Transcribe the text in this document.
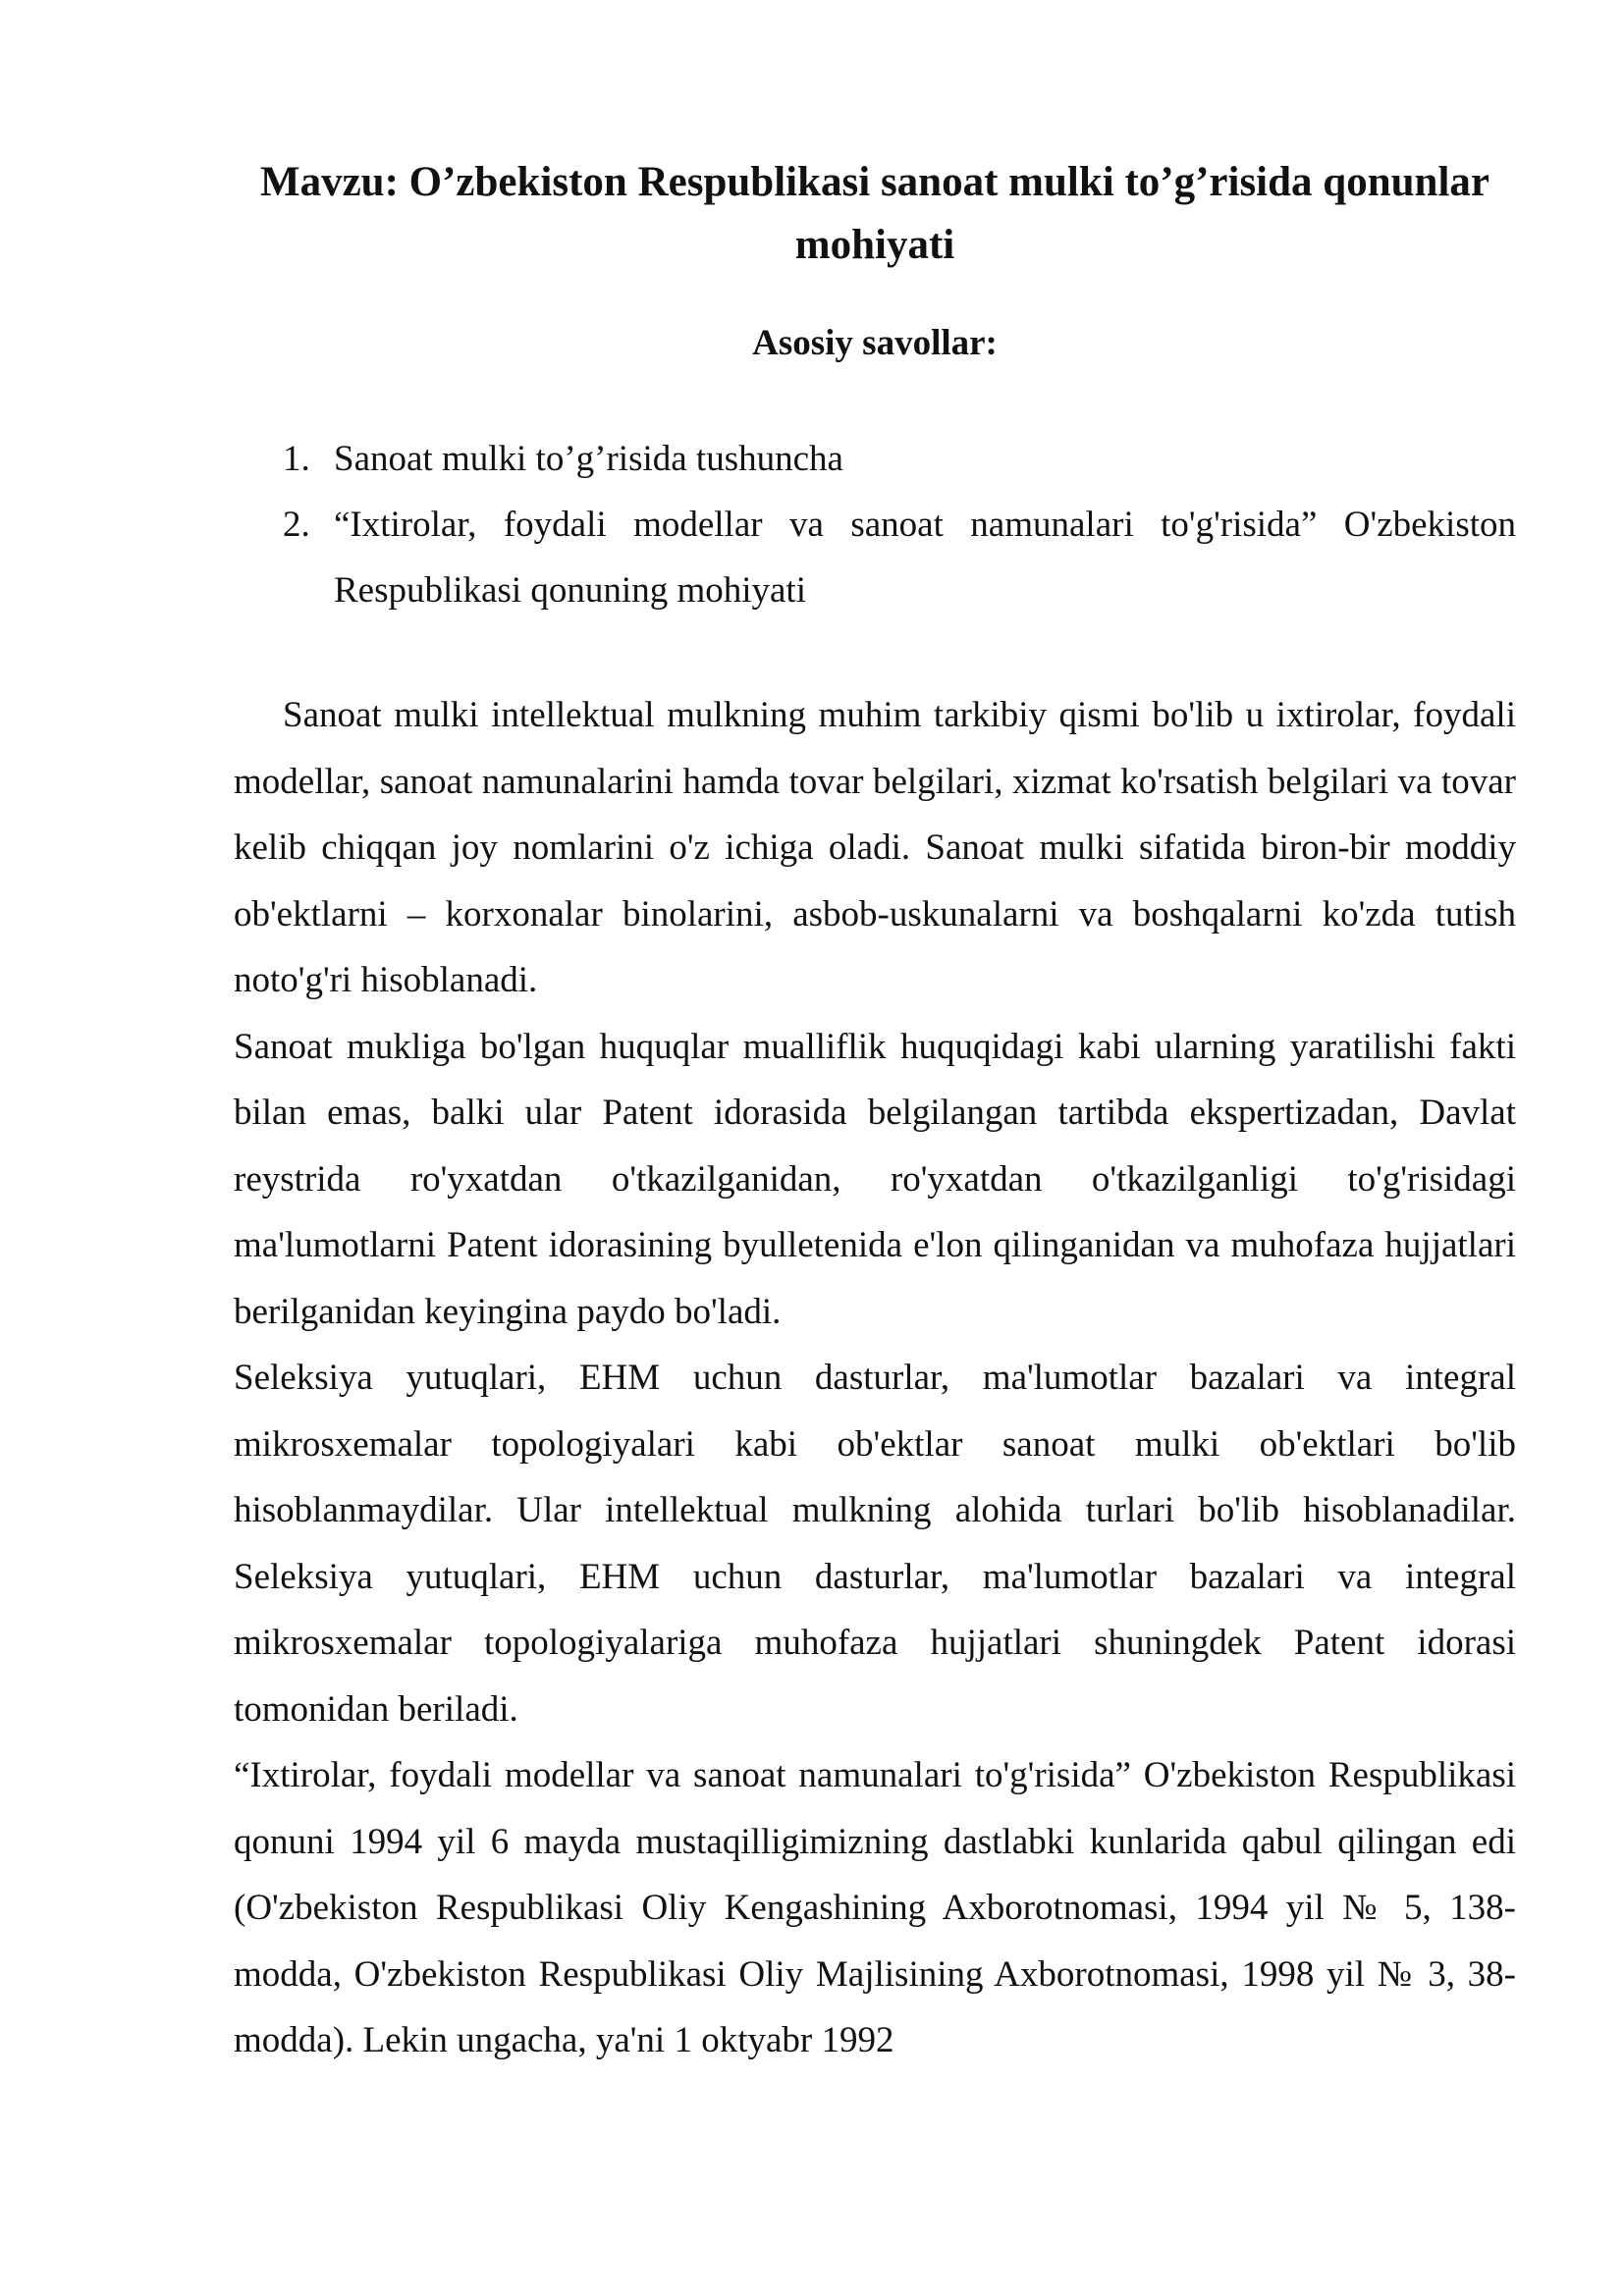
Mavzu: O’zbekiston Respublikasi sanoat mulki to’g’risida qonunlar mohiyati
Asosiy savollar:
1. Sanoat mulki to’g’risida tushuncha
2. “Ixtirolar, foydali modellar va sanoat namunalari to'g'risida” O'zbekiston Respublikasi qonuning mohiyati

Sanoat mulki intellektual mulkning muhim tarkibiy qismi bo'lib u ixtirolar, foydali modellar, sanoat namunalarini hamda tovar belgilari, xizmat ko'rsatish belgilari va tovar kelib chiqqan joy nomlarini o'z ichiga oladi. Sanoat mulki sifatida biron-bir moddiy ob'ektlarni – korxonalar binolarini, asbob-uskunalarni va boshqalarni ko'zda tutish noto'g'ri hisoblanadi.

Sanoat mukliga bo'lgan huquqlar mualliflik huquqidagi kabi ularning yaratilishi fakti bilan emas, balki ular Patent idorasida belgilangan tartibda ekspertizadan, Davlat reystrida ro'yxatdan o'tkazilganidan, ro'yxatdan o'tkazilganligi to'g'risidagi ma'lumotlarni Patent idorasining byulletenida e'lon qilinganidan va muhofaza hujjatlari berilganidan keyingina paydo bo'ladi.

Seleksiya yutuqlari, EHM uchun dasturlar, ma'lumotlar bazalari va integral mikrosxemalar topologiyalari kabi ob'ektlar sanoat mulki ob'ektlari bo'lib hisoblanmaydilar. Ular intellektual mulkning alohida turlari bo'lib hisoblanadilar. Seleksiya yutuqlari, EHM uchun dasturlar, ma'lumotlar bazalari va integral mikrosxemalar topologiyalariga muhofaza hujjatlari shuningdek Patent idorasi tomonidan beriladi.

“Ixtirolar, foydali modellar va sanoat namunalari to'g'risida” O'zbekiston Respublikasi qonuni 1994 yil 6 mayda mustaqilligimizning dastlabki kunlarida qabul qilingan edi (O'zbekiston Respublikasi Oliy Kengashining Axborotnomasi, 1994 yil № 5, 138-modda, O'zbekiston Respublikasi Oliy Majlisining Axborotnomasi, 1998 yil № 3, 38-modda). Lekin ungacha, ya'ni 1 oktyabr 1992
